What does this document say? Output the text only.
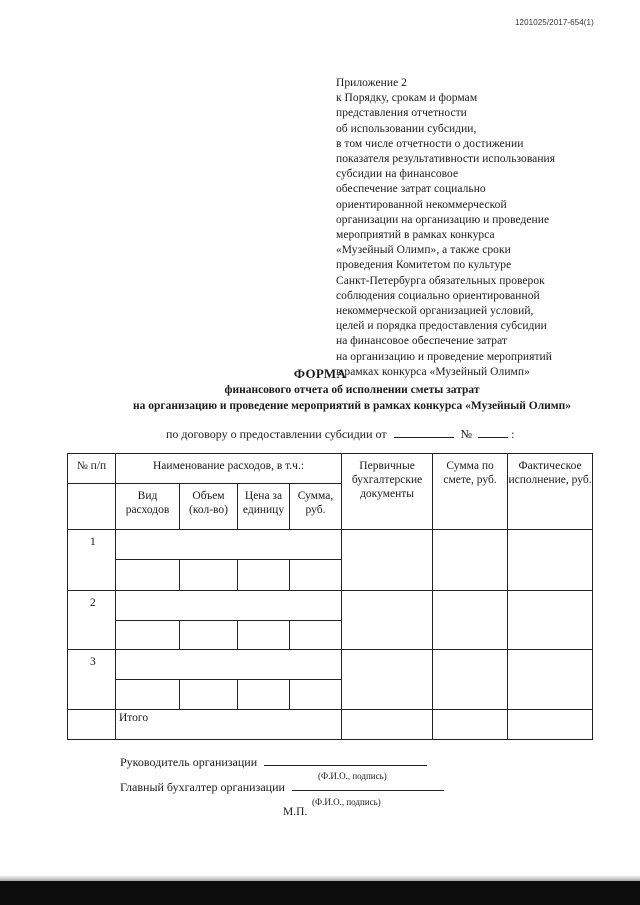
1201025/2017-654(1)
Приложение 2
к Порядку, срокам и формам
представления отчетности
об использовании субсидии,
в том числе отчетности о достижении
показателя результативности использования
субсидии на финансовое
обеспечение затрат социально
ориентированной некоммерческой
организации на организацию и проведение
мероприятий в рамках конкурса
«Музейный Олимп», а также сроки
проведения Комитетом по культуре
Санкт-Петербурга обязательных проверок
соблюдения социально ориентированной
некоммерческой организацией условий,
целей и порядка предоставления субсидии
на финансовое обеспечение затрат
на организацию и проведение мероприятий
в рамках конкурса «Музейный Олимп»
ФОРМА
финансового отчета об исполнении сметы затрат
на организацию и проведение мероприятий в рамках конкурса «Музейный Олимп»
по договору о предоставлении субсидии от	№	:
№ п/п	Наименование расходов, в т.ч.:				Первичные бухгалтерские документы	Сумма по смете, руб.	Фактическое исполнение, руб.
	Вид расходов	Объем (кол-во)	Цена за единицу	Сумма, руб.			
1							

2							

3							

	Итого						
Руководитель организации
(Ф.И.О., подпись)
Главный бухгалтер организации
(Ф.И.О., подпись)
М.П.
